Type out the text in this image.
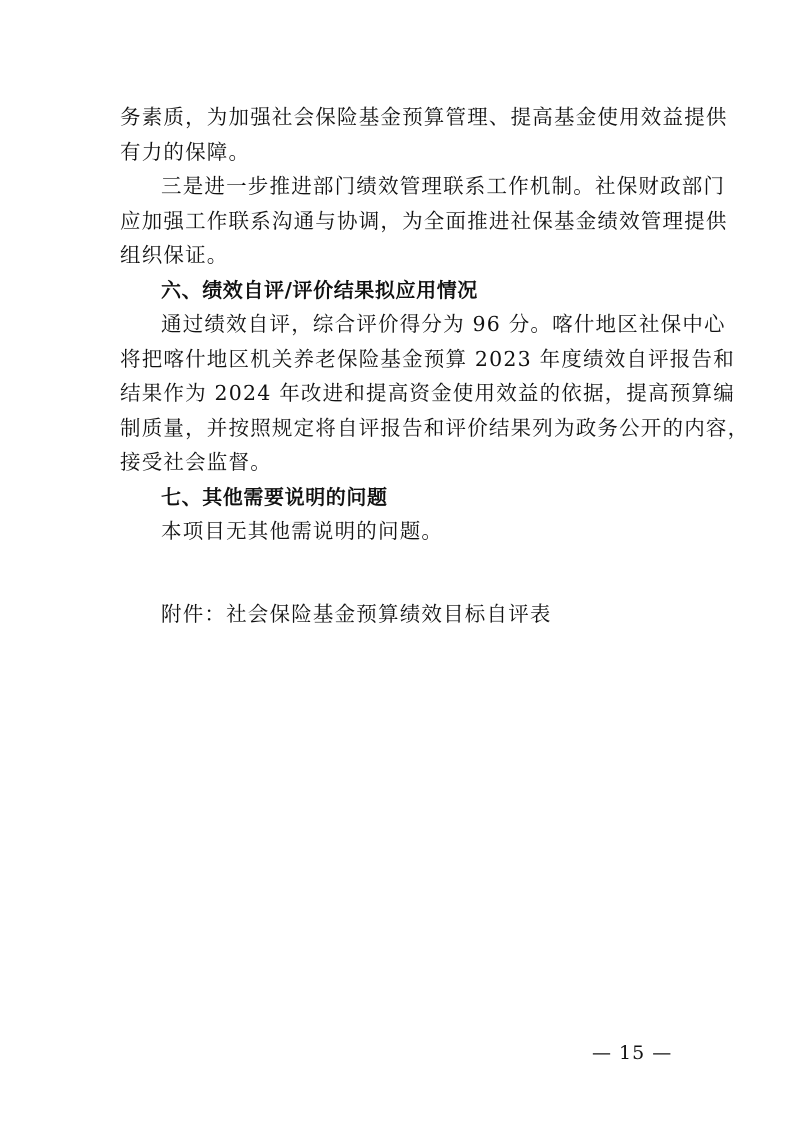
务素质，为加强社会保险基金预算管理、提高基金使用效益提供
有力的保障。
三是进一步推进部门绩效管理联系工作机制。社保财政部门
应加强工作联系沟通与协调，为全面推进社保基金绩效管理提供
组织保证。
六、绩效自评/评价结果拟应用情况
通过绩效自评，综合评价得分为 96 分。喀什地区社保中心
将把喀什地区机关养老保险基金预算 2023 年度绩效自评报告和
结果作为 2024 年改进和提高资金使用效益的依据，提高预算编
制质量，并按照规定将自评报告和评价结果列为政务公开的内容，
接受社会监督。
七、其他需要说明的问题
本项目无其他需说明的问题。
附件：社会保险基金预算绩效目标自评表
— 15 —
